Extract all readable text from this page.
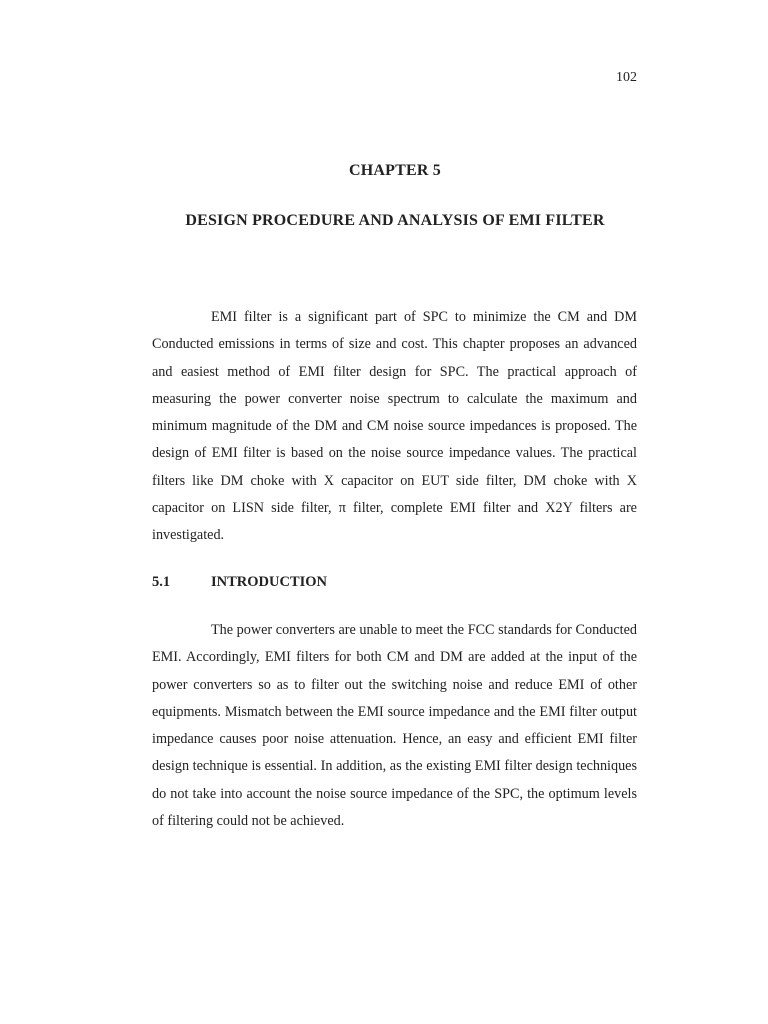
102
CHAPTER 5
DESIGN PROCEDURE AND ANALYSIS OF EMI FILTER

EMI filter is a significant part of SPC to minimize the CM and DM Conducted emissions in terms of size and cost. This chapter proposes an advanced and easiest method of EMI filter design for SPC. The practical approach of measuring the power converter noise spectrum to calculate the maximum and minimum magnitude of the DM and CM noise source impedances is proposed. The design of EMI filter is based on the noise source impedance values. The practical filters like DM choke with X capacitor on EUT side filter, DM choke with X capacitor on LISN side filter, π filter, complete EMI filter and X2Y filters are investigated.

5.1	INTRODUCTION

The power converters are unable to meet the FCC standards for Conducted EMI. Accordingly, EMI filters for both CM and DM are added at the input of the power converters so as to filter out the switching noise and reduce EMI of other equipments. Mismatch between the EMI source impedance and the EMI filter output impedance causes poor noise attenuation. Hence, an easy and efficient EMI filter design technique is essential. In addition, as the existing EMI filter design techniques do not take into account the noise source impedance of the SPC, the optimum levels of filtering could not be achieved.
